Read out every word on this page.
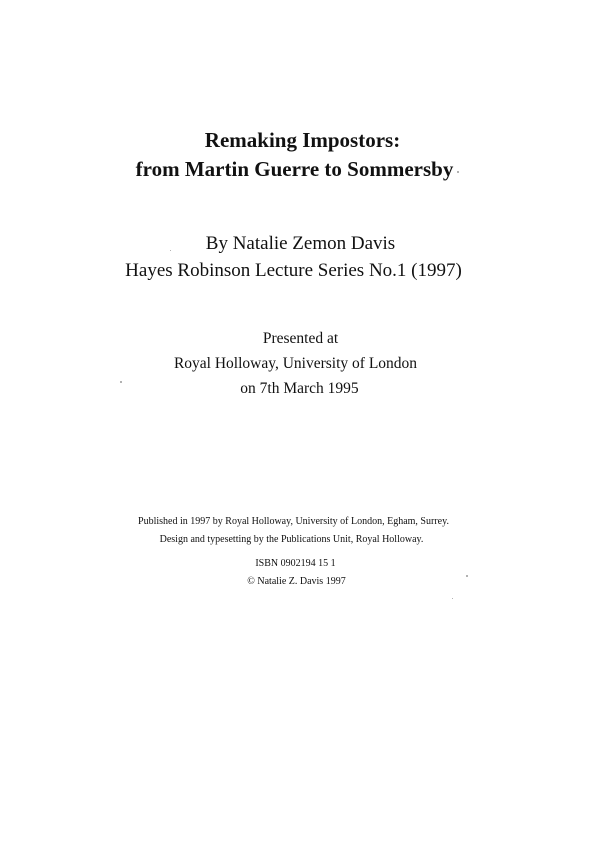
Remaking Impostors:
from Martin Guerre to Sommersby
By Natalie Zemon Davis
Hayes Robinson Lecture Series No.1 (1997)
Presented at
Royal Holloway, University of London
on 7th March 1995
Published in 1997 by Royal Holloway, University of London, Egham, Surrey.
Design and typesetting by the Publications Unit, Royal Holloway.
ISBN 0902194 15 1
© Natalie Z. Davis 1997
